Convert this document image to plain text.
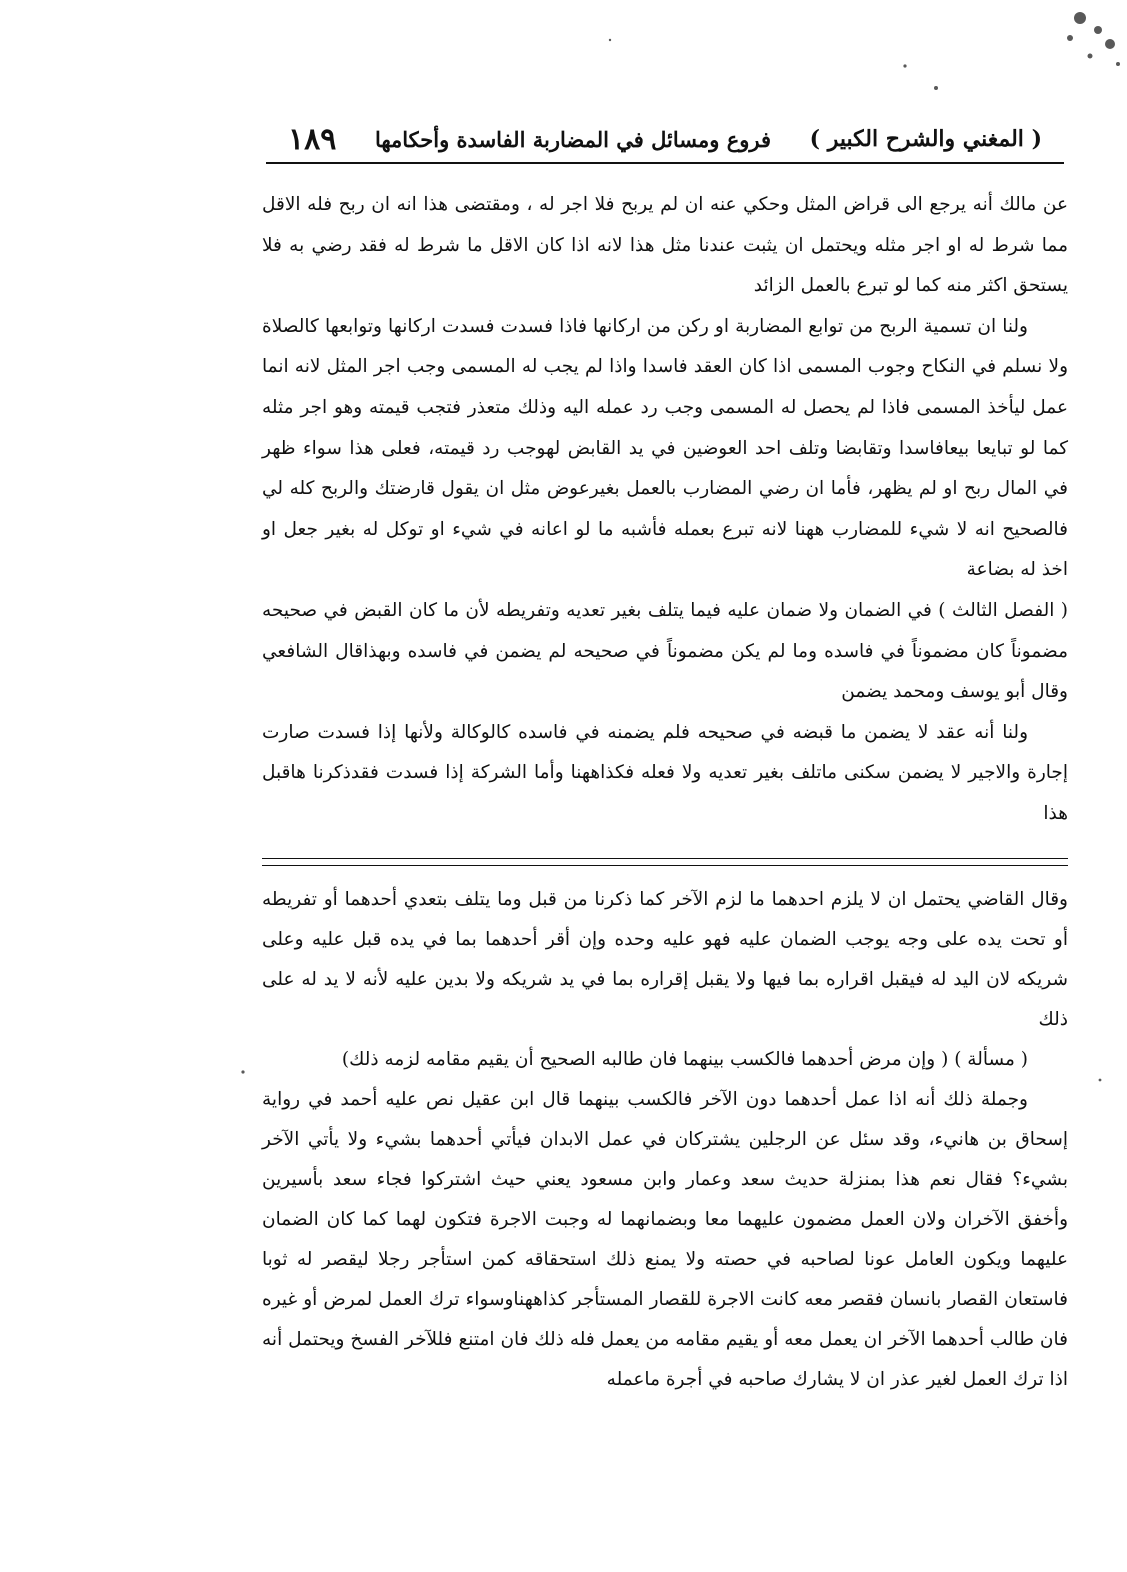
( المغني والشرح الكبير )
فروع ومسائل في المضاربة الفاسدة وأحكامها
١٨٩

عن مالك أنه يرجع الى قراض المثل وحكي عنه ان لم يربح فلا اجر له ، ومقتضى هذا انه ان ربح فله الاقل مما شرط له او اجر مثله ويحتمل ان يثبت عندنا مثل هذا لانه اذا كان الاقل ما شرط له فقد رضي به فلا يستحق اكثر منه كما لو تبرع بالعمل الزائد

ولنا ان تسمية الربح من توابع المضاربة او ركن من اركانها فاذا فسدت فسدت اركانها وتوابعها كالصلاة ولا نسلم في النكاح وجوب المسمى اذا كان العقد فاسدا واذا لم يجب له المسمى وجب اجر المثل لانه انما عمل ليأخذ المسمى فاذا لم يحصل له المسمى وجب رد عمله اليه وذلك متعذر فتجب قيمته وهو اجر مثله كما لو تبايعا بيعافاسدا وتقابضا وتلف احد العوضين في يد القابض لهوجب رد قيمته، فعلى هذا سواء ظهر في المال ربح او لم يظهر، فأما ان رضي المضارب بالعمل بغيرعوض مثل ان يقول قارضتك والربح كله لي فالصحيح انه لا شيء للمضارب ههنا لانه تبرع بعمله فأشبه ما لو اعانه في شيء او توكل له بغير جعل او اخذ له بضاعة

( الفصل الثالث ) في الضمان ولا ضمان عليه فيما يتلف بغير تعديه وتفريطه لأن ما كان القبض في صحيحه مضموناً كان مضموناً في فاسده وما لم يكن مضموناً في صحيحه لم يضمن في فاسده وبهذاقال الشافعي وقال أبو يوسف ومحمد يضمن

ولنا أنه عقد لا يضمن ما قبضه في صحيحه فلم يضمنه في فاسده كالوكالة ولأنها إذا فسدت صارت إجارة والاجير لا يضمن سكنى ماتلف بغير تعديه ولا فعله فكذاههنا وأما الشركة إذا فسدت فقدذكرنا هاقبل هذا

وقال القاضي يحتمل ان لا يلزم احدهما ما لزم الآخر كما ذكرنا من قبل وما يتلف بتعدي أحدهما أو تفريطه أو تحت يده على وجه يوجب الضمان عليه فهو عليه وحده وإن أقر أحدهما بما في يده قبل عليه وعلى شريكه لان اليد له فيقبل اقراره بما فيها ولا يقبل إقراره بما في يد شريكه ولا بدين عليه لأنه لا يد له على ذلك

( مسألة ) ( وإن مرض أحدهما فالكسب بينهما فان طالبه الصحيح أن يقيم مقامه لزمه ذلك)

وجملة ذلك أنه اذا عمل أحدهما دون الآخر فالكسب بينهما قال ابن عقيل نص عليه أحمد في رواية إسحاق بن هانيء، وقد سئل عن الرجلين يشتركان في عمل الابدان فيأتي أحدهما بشيء ولا يأتي الآخر بشيء؟ فقال نعم هذا بمنزلة حديث سعد وعمار وابن مسعود يعني حيث اشتركوا فجاء سعد بأسيرين وأخفق الآخران ولان العمل مضمون عليهما معا وبضمانهما له وجبت الاجرة فتكون لهما كما كان الضمان عليهما ويكون العامل عونا لصاحبه في حصته ولا يمنع ذلك استحقاقه كمن استأجر رجلا ليقصر له ثوبا فاستعان القصار بانسان فقصر معه كانت الاجرة للقصار المستأجر كذاههناوسواء ترك العمل لمرض أو غيره فان طالب أحدهما الآخر ان يعمل معه أو يقيم مقامه من يعمل فله ذلك فان امتنع فللآخر الفسخ ويحتمل أنه اذا ترك العمل لغير عذر ان لا يشارك صاحبه في أجرة ماعمله
